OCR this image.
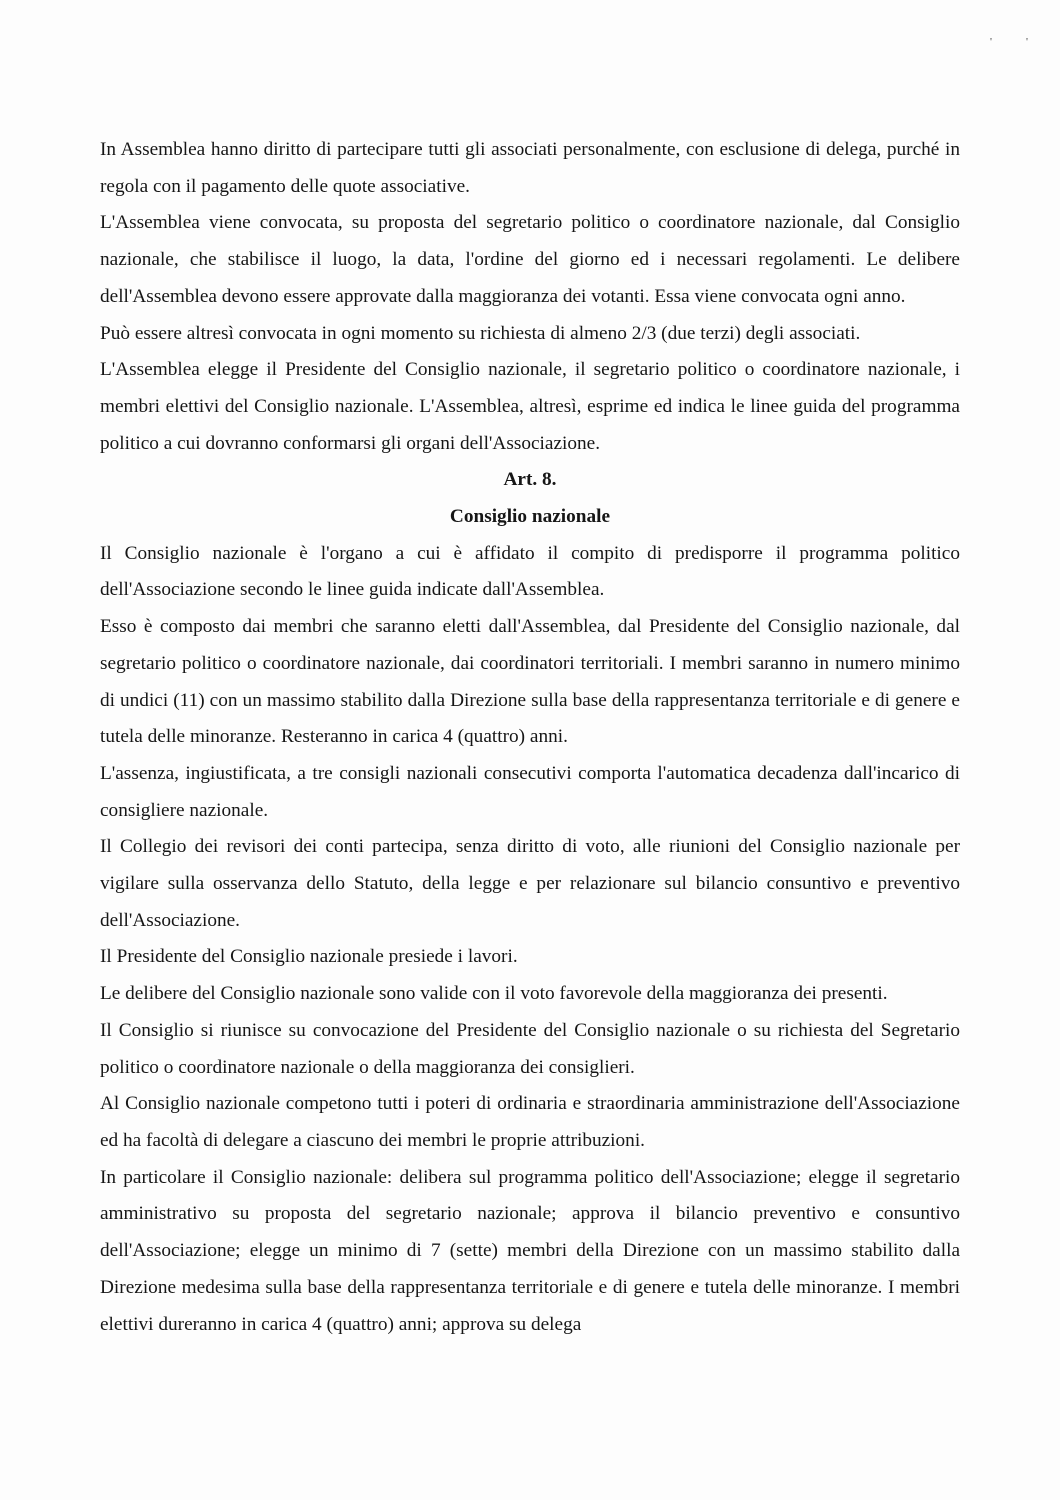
'	'

In Assemblea hanno diritto di partecipare tutti gli associati personalmente, con esclusione di delega, purché in regola con il pagamento delle quote associative.

L'Assemblea viene convocata, su proposta del segretario politico o coordinatore nazionale, dal Consiglio nazionale, che stabilisce il luogo, la data, l'ordine del giorno ed i necessari regolamenti. Le delibere dell'Assemblea devono essere approvate dalla maggioranza dei votanti. Essa viene convocata ogni anno.

Può essere altresì convocata in ogni momento su richiesta di almeno 2/3 (due terzi) degli associati.

L'Assemblea elegge il Presidente del Consiglio nazionale, il segretario politico o coordinatore nazionale, i membri elettivi del Consiglio nazionale. L'Assemblea, altresì, esprime ed indica le linee guida del programma politico a cui dovranno conformarsi gli organi dell'Associazione.

Art. 8.

Consiglio nazionale

Il Consiglio nazionale è l'organo a cui è affidato il compito di predisporre il programma politico dell'Associazione secondo le linee guida indicate dall'Assemblea.

Esso è composto dai membri che saranno eletti dall'Assemblea, dal Presidente del Consiglio nazionale, dal segretario politico o coordinatore nazionale, dai coordinatori territoriali. I membri saranno in numero minimo di undici (11) con un massimo stabilito dalla Direzione sulla base della rappresentanza territoriale e di genere e tutela delle minoranze. Resteranno in carica 4 (quattro) anni.

L'assenza, ingiustificata, a tre consigli nazionali consecutivi comporta l'automatica decadenza dall'incarico di consigliere nazionale.

Il Collegio dei revisori dei conti partecipa, senza diritto di voto, alle riunioni del Consiglio nazionale per vigilare sulla osservanza dello Statuto, della legge e per relazionare sul bilancio consuntivo e preventivo dell'Associazione.

Il Presidente del Consiglio nazionale presiede i lavori.

Le delibere del Consiglio nazionale sono valide con il voto favorevole della maggioranza dei presenti.

Il Consiglio si riunisce su convocazione del Presidente del Consiglio nazionale o su richiesta del Segretario politico o coordinatore nazionale o della maggioranza dei consiglieri.

Al Consiglio nazionale competono tutti i poteri di ordinaria e straordinaria amministrazione dell'Associazione ed ha facoltà di delegare a ciascuno dei membri le proprie attribuzioni.

In particolare il Consiglio nazionale: delibera sul programma politico dell'Associazione; elegge il segretario amministrativo su proposta del segretario nazionale; approva il bilancio preventivo e consuntivo dell'Associazione; elegge un minimo di 7 (sette) membri della Direzione con un massimo stabilito dalla Direzione medesima sulla base della rappresentanza territoriale e di genere e tutela delle minoranze. I membri elettivi dureranno in carica 4 (quattro) anni; approva su delega
